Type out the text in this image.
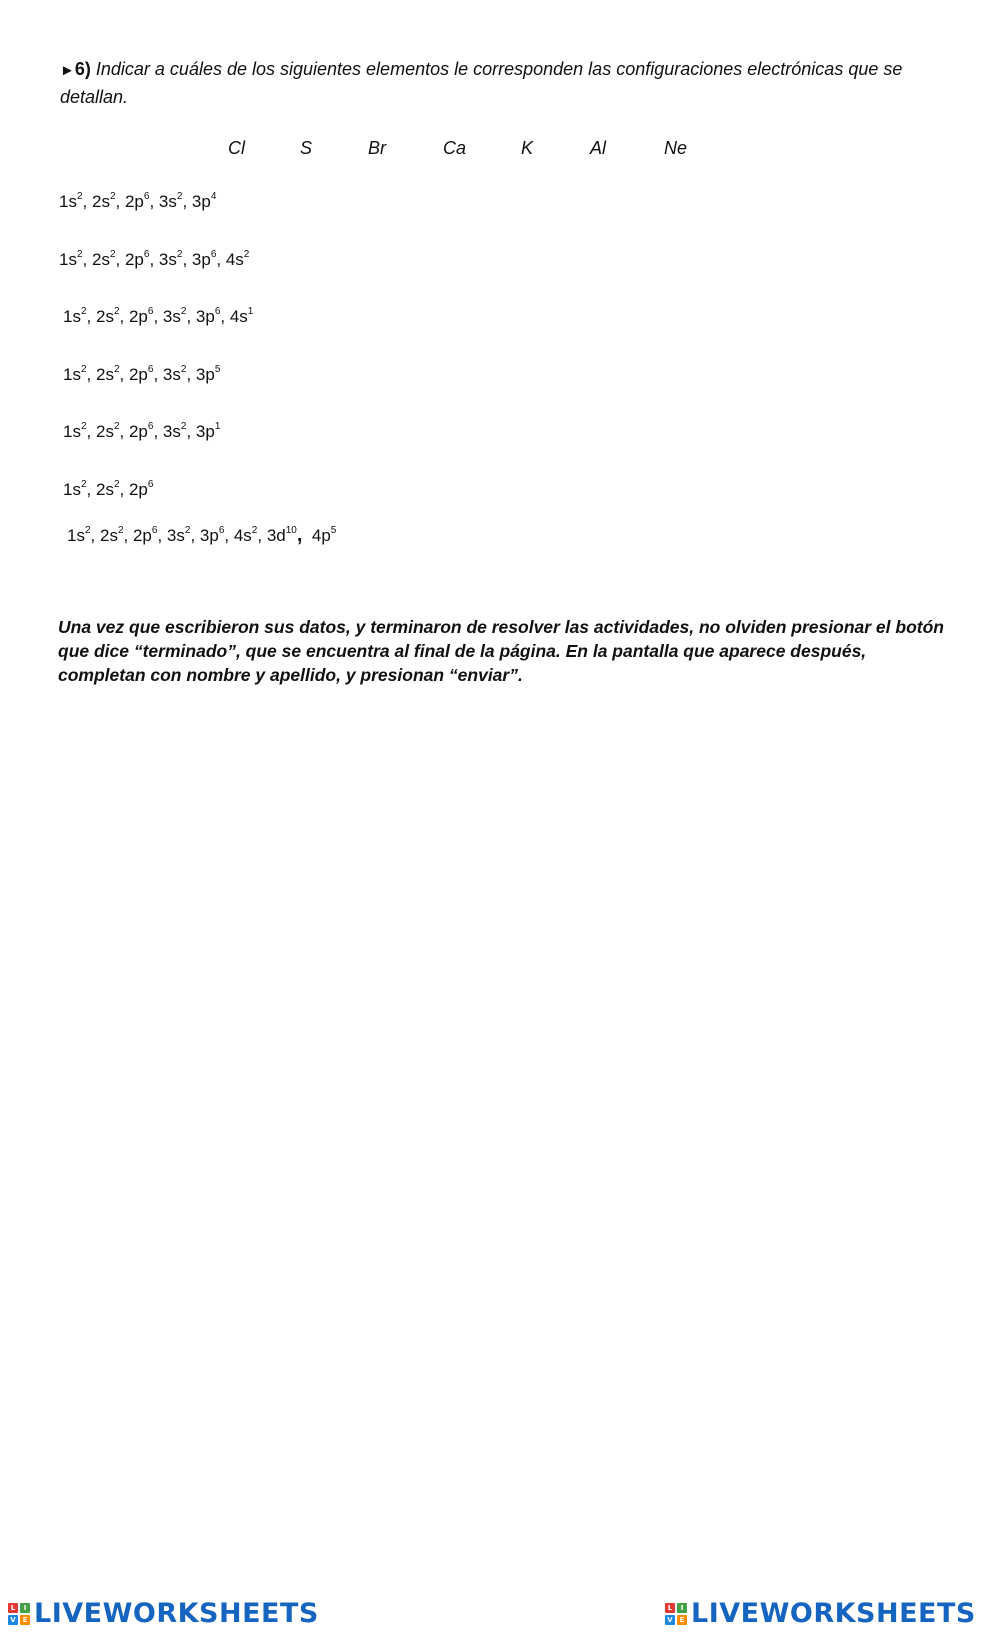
►6) Indicar a cuáles de los siguientes elementos le corresponden las configuraciones electrónicas que se detallan.
Cl	S	Br	Ca	K	Al	Ne
$1s^2$, $2s^2$, $2p^6$, $3s^2$, $3p^4$
$1s^2$, $2s^2$, $2p^6$, $3s^2$, $3p^6$, $4s^2$
$1s^2$, $2s^2$, $2p^6$, $3s^2$, $3p^6$, $4s^1$
$1s^2$, $2s^2$, $2p^6$, $3s^2$, $3p^5$
$1s^2$, $2s^2$, $2p^6$, $3s^2$, $3p^1$
$1s^2$, $2s^2$, $2p^6$
$1s^2$, $2s^2$, $2p^6$, $3s^2$, $3p^6$, $4s^2$, $3d^{10}$, $4p^5$
Una vez que escribieron sus datos, y terminaron de resolver las actividades, no olviden presionar el botón que dice “terminado”, que se encuentra al final de la página. En la pantalla que aparece después, completan con nombre y apellido, y presionan “enviar”.
L	I
V E LIVEWORKSHEETS	L	I
V E LIVEWORKSHEETS
